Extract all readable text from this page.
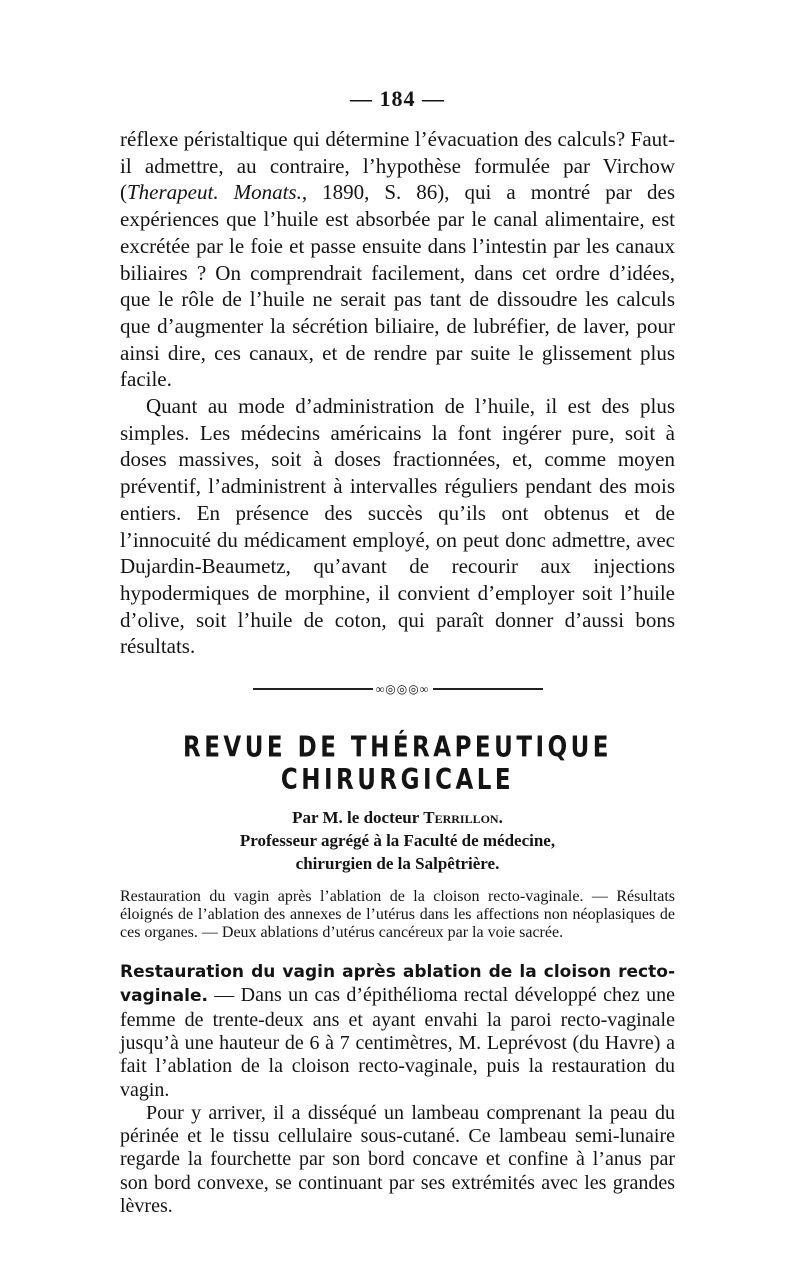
— 184 —

réflexe péristaltique qui détermine l’évacuation des calculs? Faut-il admettre, au contraire, l’hypothèse formulée par Virchow (Therapeut. Monats., 1890, S. 86), qui a montré par des expériences que l’huile est absorbée par le canal alimentaire, est excrétée par le foie et passe ensuite dans l’intestin par les canaux biliaires ? On comprendrait facilement, dans cet ordre d’idées, que le rôle de l’huile ne serait pas tant de dissoudre les calculs que d’augmenter la sécrétion biliaire, de lubréfier, de laver, pour ainsi dire, ces canaux, et de rendre par suite le glissement plus facile.

Quant au mode d’administration de l’huile, il est des plus simples. Les médecins américains la font ingérer pure, soit à doses massives, soit à doses fractionnées, et, comme moyen préventif, l’administrent à intervalles réguliers pendant des mois entiers. En présence des succès qu’ils ont obtenus et de l’innocuité du médicament employé, on peut donc admettre, avec Dujardin-Beaumetz, qu’avant de recourir aux injections hypodermiques de morphine, il convient d’employer soit l’huile d’olive, soit l’huile de coton, qui paraît donner d’aussi bons résultats.

∞◎◎◎∞
REVUE DE THÉRAPEUTIQUE CHIRURGICALE
Par M. le docteur Terrillon.
Professeur agrégé à la Faculté de médecine,
chirurgien de la Salpêtrière.
Restauration du vagin après l’ablation de la cloison recto-vaginale. — Résultats éloignés de l’ablation des annexes de l’utérus dans les affections non néoplasiques de ces organes. — Deux ablations d’utérus cancéreux par la voie sacrée.

Restauration du vagin après ablation de la cloison recto-vaginale. — Dans un cas d’épithélioma rectal développé chez une femme de trente-deux ans et ayant envahi la paroi recto-vaginale jusqu’à une hauteur de 6 à 7 centimètres, M. Leprévost (du Havre) a fait l’ablation de la cloison recto-vaginale, puis la restauration du vagin.

Pour y arriver, il a disséqué un lambeau comprenant la peau du périnée et le tissu cellulaire sous-cutané. Ce lambeau semi-lunaire regarde la fourchette par son bord concave et confine à l’anus par son bord convexe, se continuant par ses extrémités avec les grandes lèvres.
